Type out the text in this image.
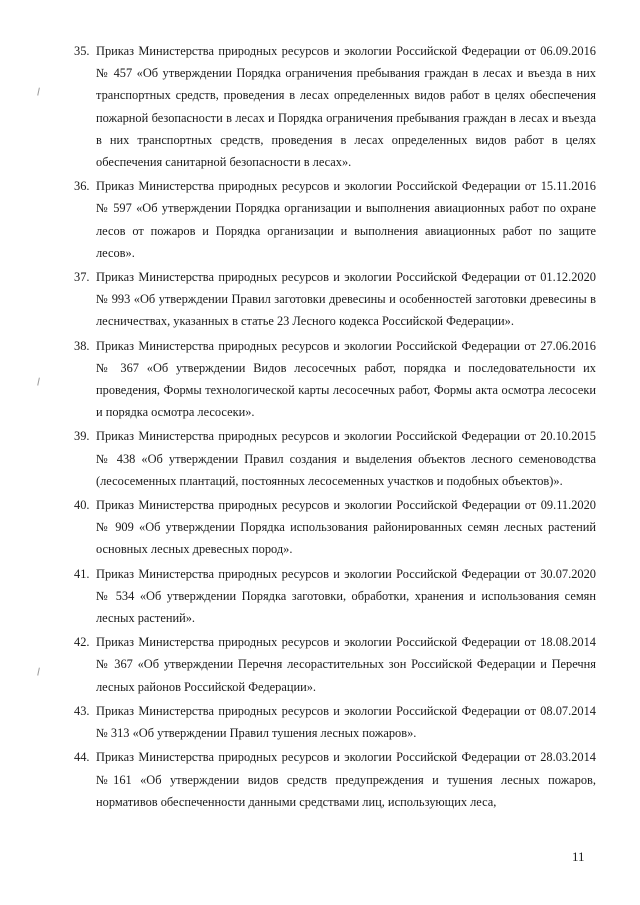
35. Приказ Министерства природных ресурсов и экологии Российской Федерации от 06.09.2016 № 457 «Об утверждении Порядка ограничения пребывания граждан в лесах и въезда в них транспортных средств, проведения в лесах определенных видов работ в целях обеспечения пожарной безопасности в лесах и Порядка ограничения пребывания граждан в лесах и въезда в них транспортных средств, проведения в лесах определенных видов работ в целях обеспечения санитарной безопасности в лесах».
36. Приказ Министерства природных ресурсов и экологии Российской Федерации от 15.11.2016 № 597 «Об утверждении Порядка организации и выполнения авиационных работ по охране лесов от пожаров и Порядка организации и выполнения авиационных работ по защите лесов».
37. Приказ Министерства природных ресурсов и экологии Российской Федерации от 01.12.2020 № 993 «Об утверждении Правил заготовки древесины и особенностей заготовки древесины в лесничествах, указанных в статье 23 Лесного кодекса Российской Федерации».
38. Приказ Министерства природных ресурсов и экологии Российской Федерации от 27.06.2016 № 367 «Об утверждении Видов лесосечных работ, порядка и последовательности их проведения, Формы технологической карты лесосечных работ, Формы акта осмотра лесосеки и порядка осмотра лесосеки».
39. Приказ Министерства природных ресурсов и экологии Российской Федерации от 20.10.2015 № 438 «Об утверждении Правил создания и выделения объектов лесного семеноводства (лесосеменных плантаций, постоянных лесосеменных участков и подобных объектов)».
40. Приказ Министерства природных ресурсов и экологии Российской Федерации от 09.11.2020 № 909 «Об утверждении Порядка использования районированных семян лесных растений основных лесных древесных пород».
41. Приказ Министерства природных ресурсов и экологии Российской Федерации от 30.07.2020 № 534 «Об утверждении Порядка заготовки, обработки, хранения и использования семян лесных растений».
42. Приказ Министерства природных ресурсов и экологии Российской Федерации от 18.08.2014 № 367 «Об утверждении Перечня лесорастительных зон Российской Федерации и Перечня лесных районов Российской Федерации».
43. Приказ Министерства природных ресурсов и экологии Российской Федерации от 08.07.2014 № 313 «Об утверждении Правил тушения лесных пожаров».
44. Приказ Министерства природных ресурсов и экологии Российской Федерации от 28.03.2014 №161 «Об утверждении видов средств предупреждения и тушения лесных пожаров, нормативов обеспеченности данными средствами лиц, использующих леса,
11
